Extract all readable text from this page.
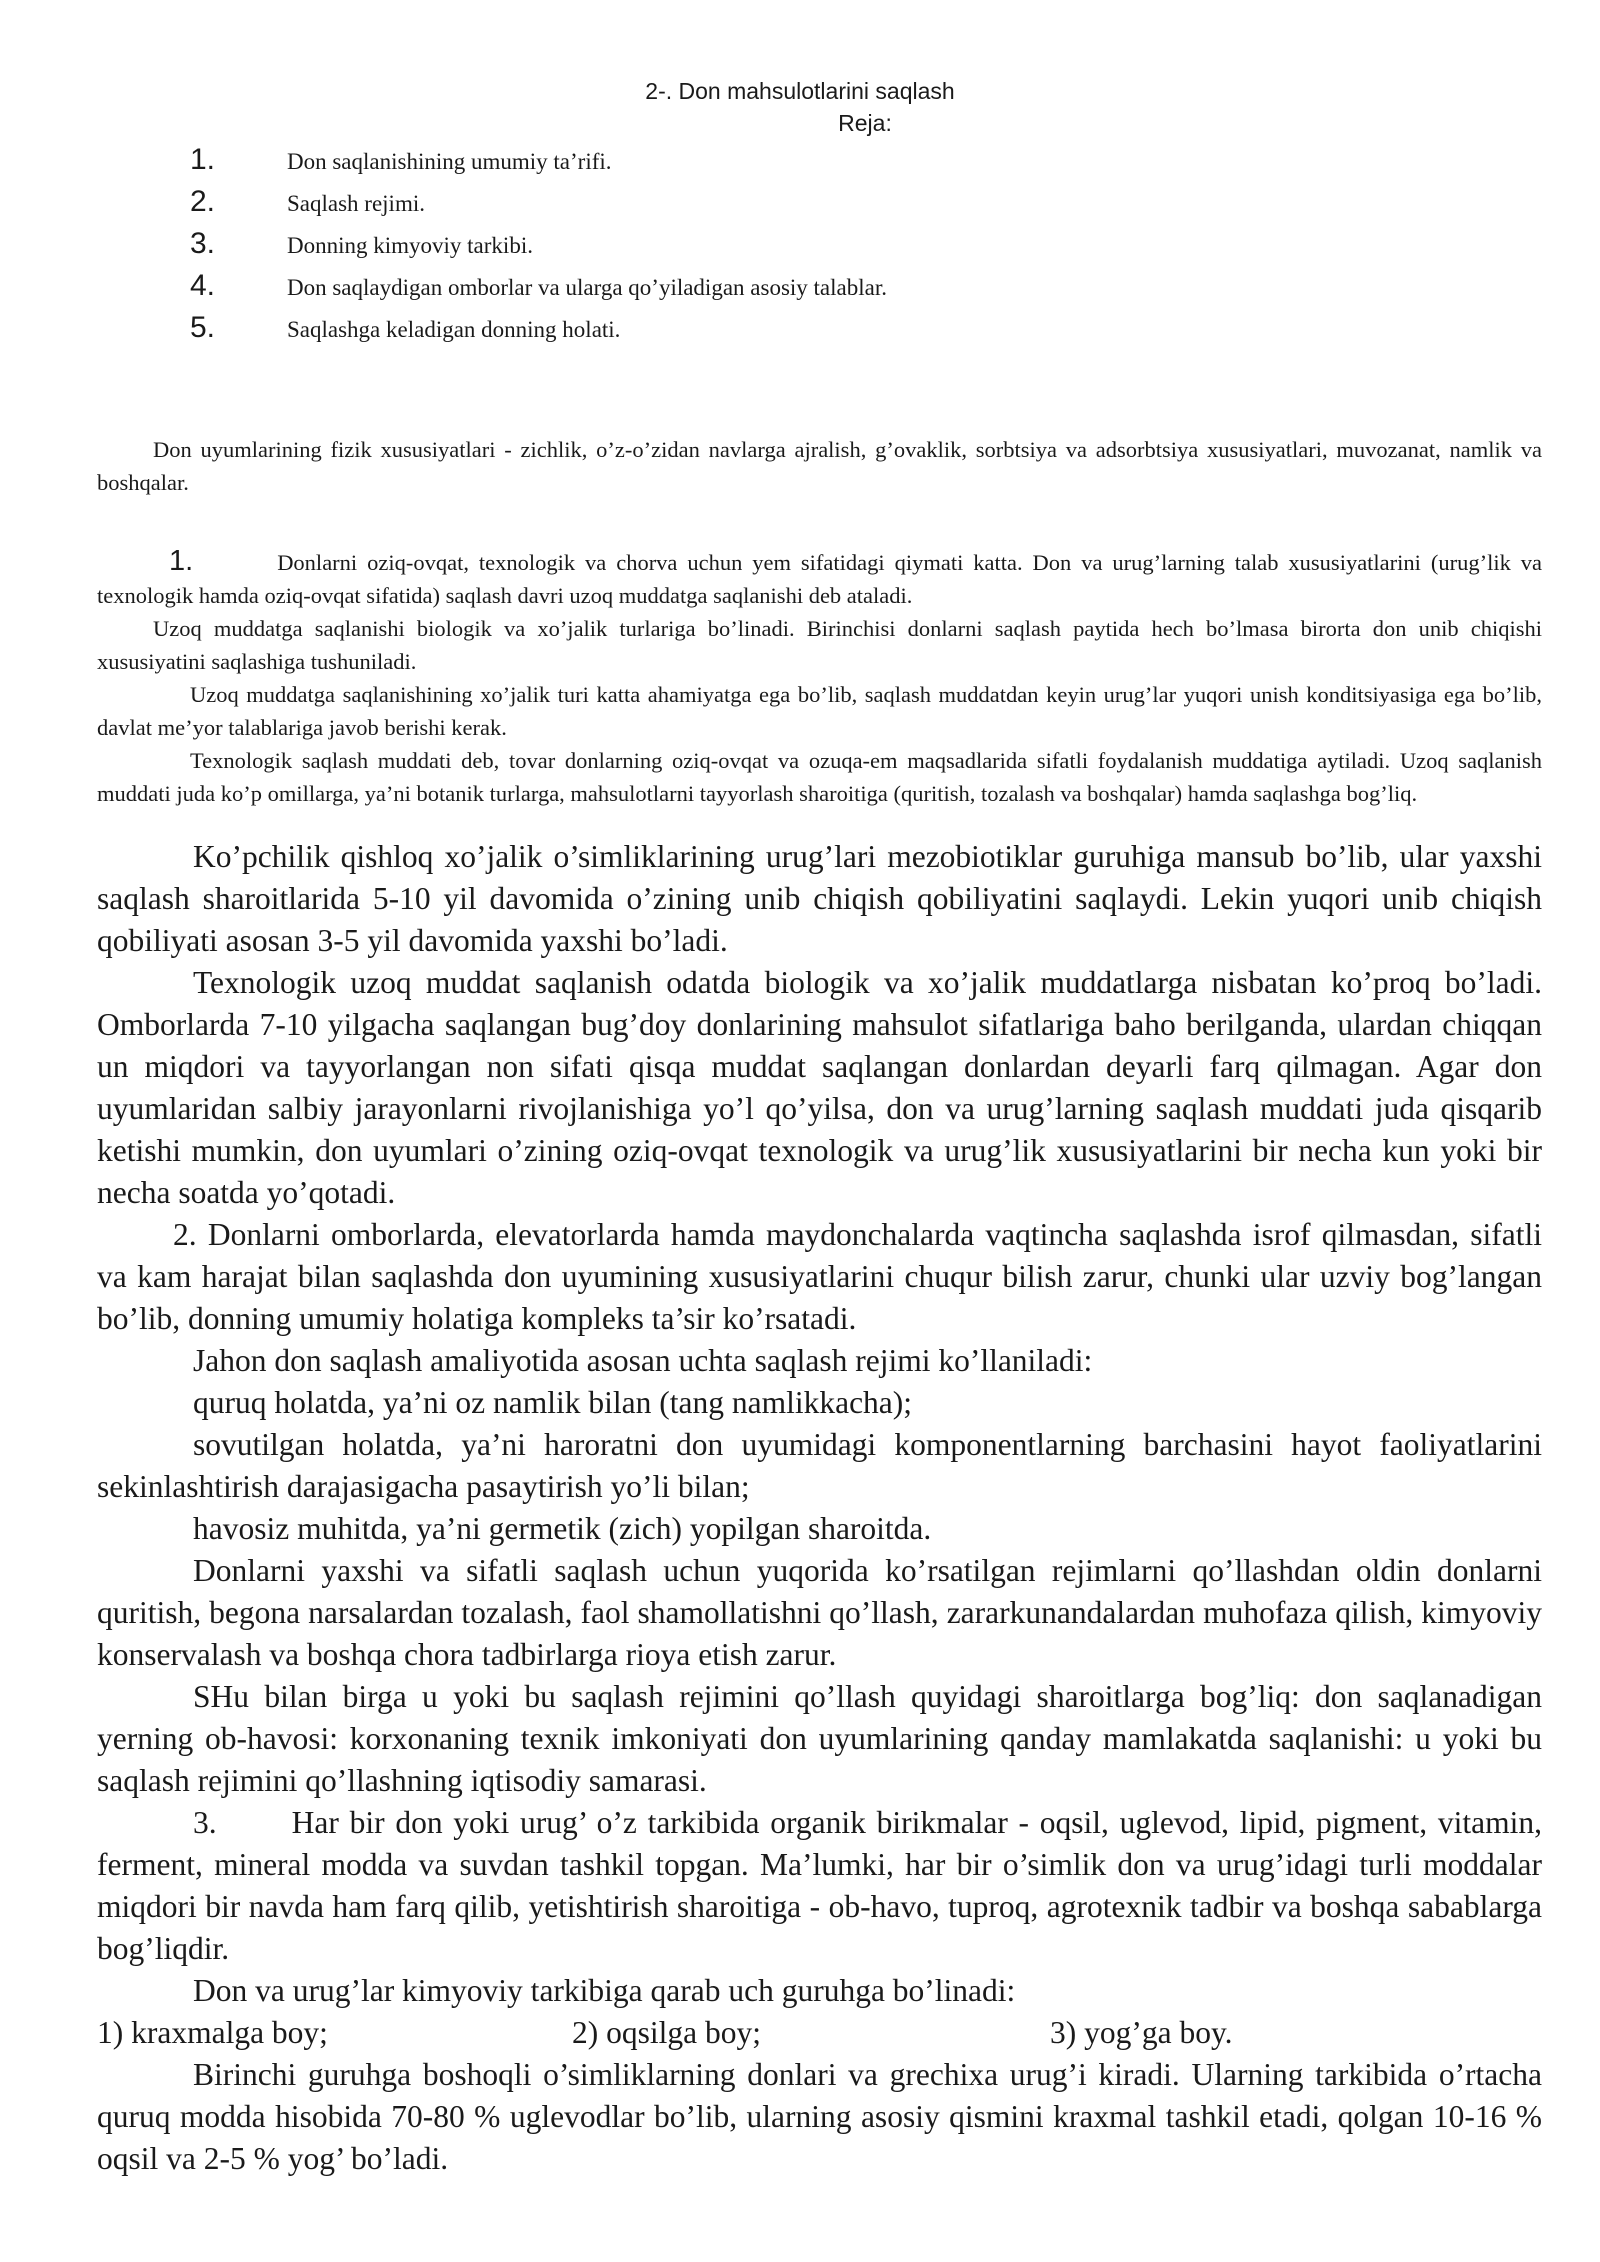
2-. Don mahsulotlarini saqlash
Reja:
1.	Don saqlanishining umumiy ta’rifi.
2.	Saqlash rejimi.
3.	Donning kimyoviy tarkibi.
4.	Don saqlaydigan omborlar va ularga qo’yiladigan asosiy talablar.
5.	Saqlashga keladigan donning holati.

Don uyumlarining fizik xususiyatlari - zichlik, o’z-o’zidan navlarga ajralish, g’ovaklik, sorbtsiya va adsorbtsiya xususiyatlari, muvozanat, namlik va boshqalar.

1.	Donlarni oziq-ovqat, texnologik va chorva uchun yem sifatidagi qiymati katta. Don va urug’larning talab xususiyatlarini (urug’lik va texnologik hamda oziq-ovqat sifatida) saqlash davri uzoq muddatga saqlanishi deb ataladi.

Uzoq muddatga saqlanishi biologik va xo’jalik turlariga bo’linadi. Birinchisi donlarni saqlash paytida hech bo’lmasa birorta don unib chiqishi xususiyatini saqlashiga tushuniladi.

Uzoq muddatga saqlanishining xo’jalik turi katta ahamiyatga ega bo’lib, saqlash muddatdan keyin urug’lar yuqori unish konditsiyasiga ega bo’lib, davlat me’yor talablariga javob berishi kerak.

Texnologik saqlash muddati deb, tovar donlarning oziq-ovqat va ozuqa-em maqsadlarida sifatli foydalanish muddatiga aytiladi. Uzoq saqlanish muddati juda ko’p omillarga, ya’ni botanik turlarga, mahsulotlarni tayyorlash sharoitiga (quritish, tozalash va boshqalar) hamda saqlashga bog’liq.

Ko’pchilik qishloq xo’jalik o’simliklarining urug’lari mezobiotiklar guruhiga mansub bo’lib, ular yaxshi saqlash sharoitlarida 5-10 yil davomida o’zining unib chiqish qobiliyatini saqlaydi. Lekin yuqori unib chiqish qobiliyati asosan 3-5 yil davomida yaxshi bo’ladi.

Texnologik uzoq muddat saqlanish odatda biologik va xo’jalik muddatlarga nisbatan ko’proq bo’ladi. Omborlarda 7-10 yilgacha saqlangan bug’doy donlarining mahsulot sifatlariga baho berilganda, ulardan chiqqan un miqdori va tayyorlangan non sifati qisqa muddat saqlangan donlardan deyarli farq qilmagan. Agar don uyumlaridan salbiy jarayonlarni rivojlanishiga yo’l qo’yilsa, don va urug’larning saqlash muddati juda qisqarib ketishi mumkin, don uyumlari o’zining oziq-ovqat texnologik va urug’lik xususiyatlarini bir necha kun yoki bir necha soatda yo’qotadi.

2. Donlarni omborlarda, elevatorlarda hamda maydonchalarda vaqtincha saqlashda isrof qilmasdan, sifatli va kam harajat bilan saqlashda don uyumining xususiyatlarini chuqur bilish zarur, chunki ular uzviy bog’langan bo’lib, donning umumiy holatiga kompleks ta’sir ko’rsatadi.

Jahon don saqlash amaliyotida asosan uchta saqlash rejimi ko’llaniladi:

quruq holatda, ya’ni oz namlik bilan (tang namlikkacha);

sovutilgan holatda, ya’ni haroratni don uyumidagi komponentlarning barchasini hayot faoliyatlarini sekinlashtirish darajasigacha pasaytirish yo’li bilan;

havosiz muhitda, ya’ni germetik (zich) yopilgan sharoitda.

Donlarni yaxshi va sifatli saqlash uchun yuqorida ko’rsatilgan rejimlarni qo’llashdan oldin donlarni quritish, begona narsalardan tozalash, faol shamollatishni qo’llash, zararkunandalardan muhofaza qilish, kimyoviy konservalash va boshqa chora tadbirlarga rioya etish zarur.

SHu bilan birga u yoki bu saqlash rejimini qo’llash quyidagi sharoitlarga bog’liq: don saqlanadigan yerning ob-havosi: korxonaning texnik imkoniyati don uyumlarining qanday mamlakatda saqlanishi: u yoki bu saqlash rejimini qo’llashning iqtisodiy samarasi.

3.       Har bir don yoki urug’ o’z tarkibida organik birikmalar - oqsil, uglevod, lipid, pigment, vitamin, ferment, mineral modda va suvdan tashkil topgan. Ma’lumki, har bir o’simlik don va urug’idagi turli moddalar miqdori bir navda ham farq qilib, yetishtirish sharoitiga - ob-havo, tuproq, agrotexnik tadbir va boshqa sabablarga bog’liqdir.

Don va urug’lar kimyoviy tarkibiga qarab uch guruhga bo’linadi:

1) kraxmalga boy;	2) oqsilga boy;	3) yog’ga boy.

Birinchi guruhga boshoqli o’simliklarning donlari va grechixa urug’i kiradi. Ularning tarkibida o’rtacha quruq modda hisobida 70-80 % uglevodlar bo’lib, ularning asosiy qismini kraxmal tashkil etadi, qolgan 10-16 % oqsil va 2-5 % yog’ bo’ladi.
